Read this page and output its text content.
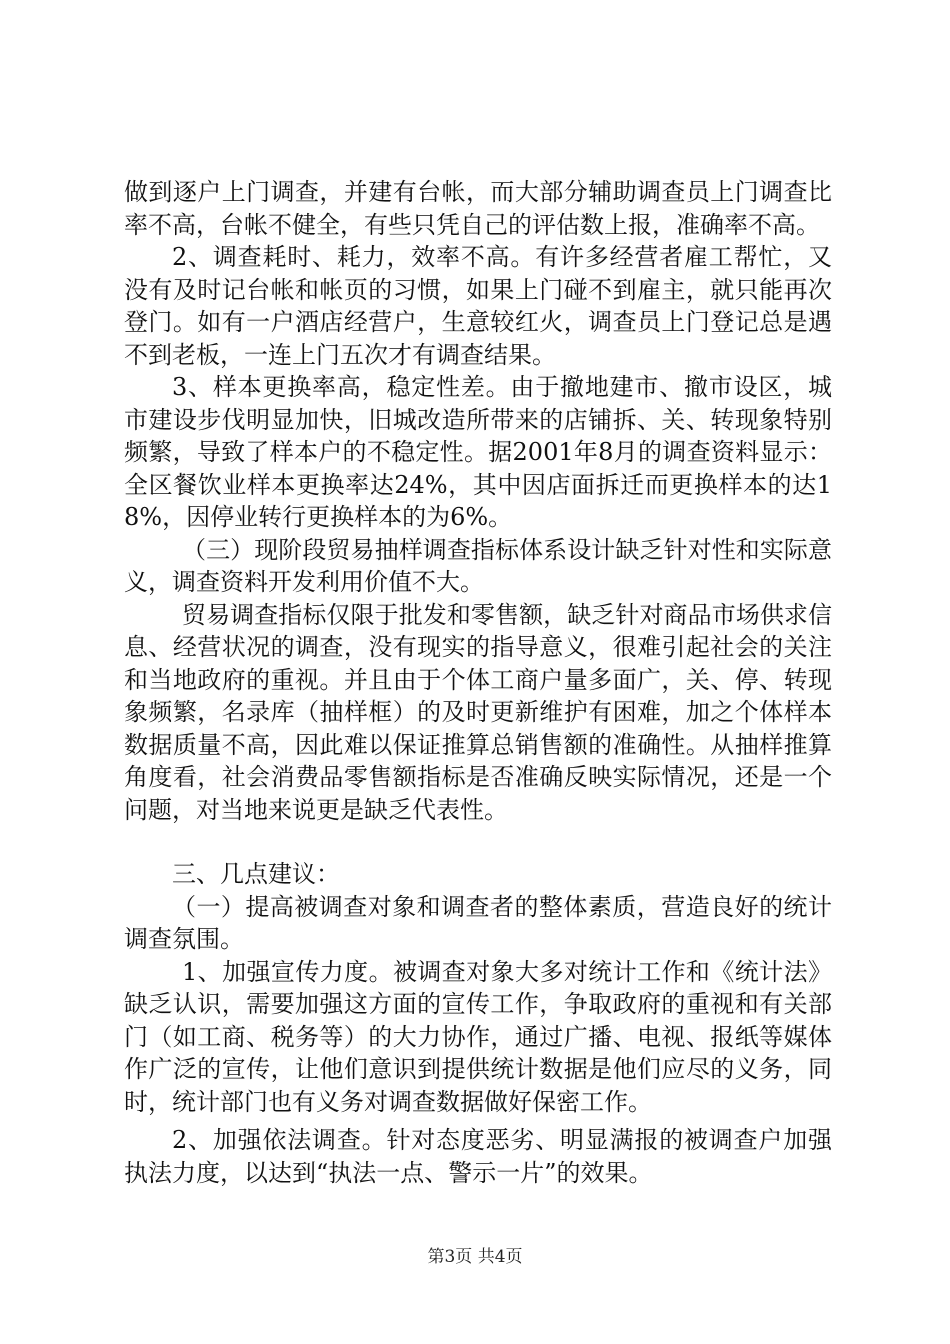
做到逐户上门调查，并建有台帐，而大部分辅助调查员上门调查比率不高，台帐不健全，有些只凭自己的评估数上报，准确率不高。

2、调查耗时、耗力，效率不高。有许多经营者雇工帮忙，又没有及时记台帐和帐页的习惯，如果上门碰不到雇主，就只能再次登门。如有一户酒店经营户，生意较红火，调查员上门登记总是遇不到老板，一连上门五次才有调查结果。

3、样本更换率高，稳定性差。由于撤地建市、撤市设区，城市建设步伐明显加快，旧城改造所带来的店铺拆、关、转现象特别频繁，导致了样本户的不稳定性。据2001年8月的调查资料显示：全区餐饮业样本更换率达24%，其中因店面拆迁而更换样本的达18%，因停业转行更换样本的为6%。

（三）现阶段贸易抽样调查指标体系设计缺乏针对性和实际意义，调查资料开发利用价值不大。

贸易调查指标仅限于批发和零售额，缺乏针对商品市场供求信息、经营状况的调查，没有现实的指导意义，很难引起社会的关注和当地政府的重视。并且由于个体工商户量多面广，关、停、转现象频繁，名录库（抽样框）的及时更新维护有困难，加之个体样本数据质量不高，因此难以保证推算总销售额的准确性。从抽样推算角度看，社会消费品零售额指标是否准确反映实际情况，还是一个问题，对当地来说更是缺乏代表性。

三、几点建议：

（一）提高被调查对象和调查者的整体素质，营造良好的统计调查氛围。

1、加强宣传力度。被调查对象大多对统计工作和《统计法》缺乏认识，需要加强这方面的宣传工作，争取政府的重视和有关部门（如工商、税务等）的大力协作，通过广播、电视、报纸等媒体作广泛的宣传，让他们意识到提供统计数据是他们应尽的义务，同时，统计部门也有义务对调查数据做好保密工作。

2、加强依法调查。针对态度恶劣、明显满报的被调查户加强执法力度，以达到“执法一点、警示一片”的效果。

第3页 共4页
